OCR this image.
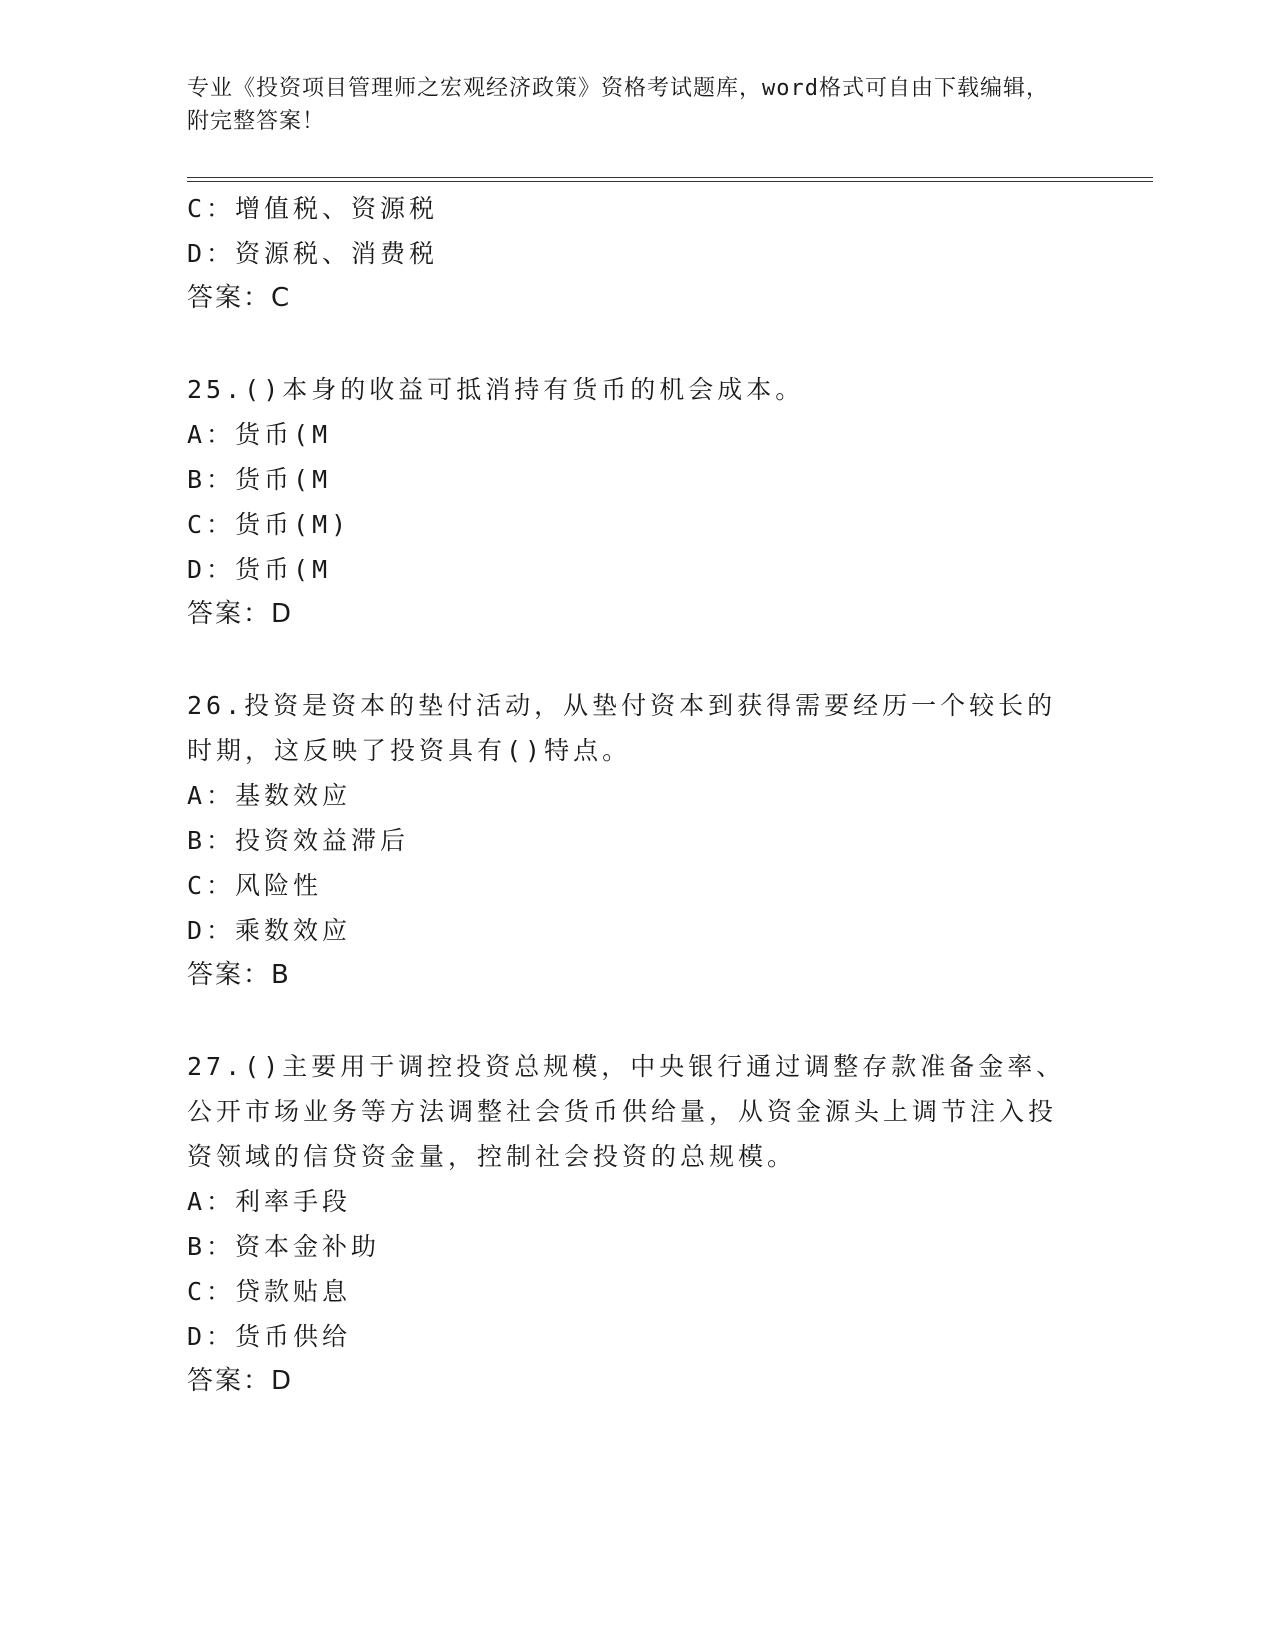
专业《投资项目管理师之宏观经济政策》资格考试题库，word格式可自由下载编辑，附完整答案！
C：增值税、资源税
D：资源税、消费税
答案：C
25.()本身的收益可抵消持有货币的机会成本。
A：货币(M
B：货币(M
C：货币(M)
D：货币(M
答案：D
26.投资是资本的垫付活动，从垫付资本到获得需要经历一个较长的时期，这反映了投资具有()特点。
A：基数效应
B：投资效益滞后
C：风险性
D：乘数效应
答案：B
27.()主要用于调控投资总规模，中央银行通过调整存款准备金率、公开市场业务等方法调整社会货币供给量，从资金源头上调节注入投资领域的信贷资金量，控制社会投资的总规模。
A：利率手段
B：资本金补助
C：贷款贴息
D：货币供给
答案：D
